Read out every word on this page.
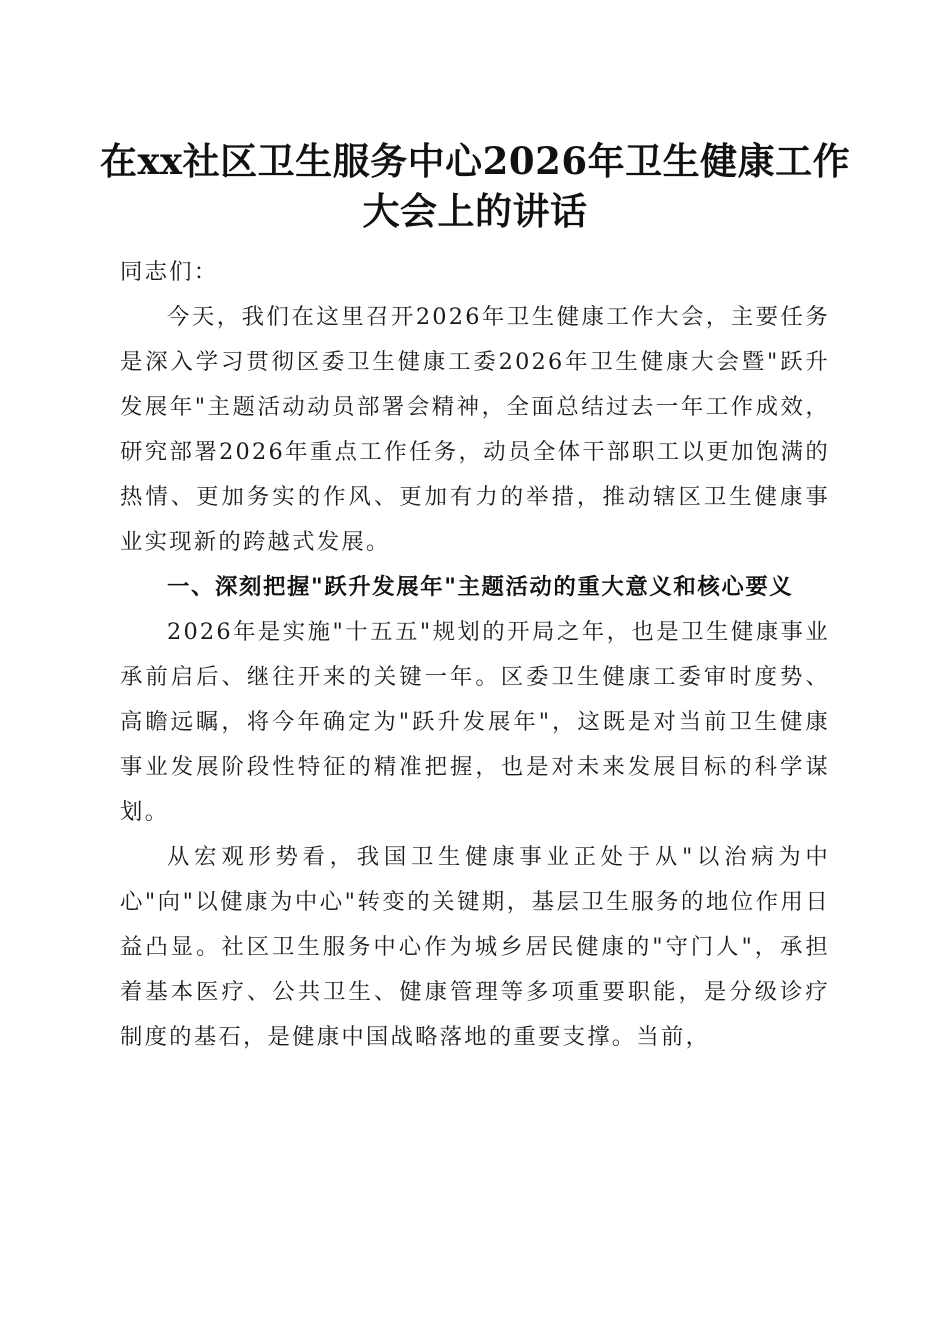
在xx社区卫生服务中心2026年卫生健康工作
大会上的讲话

同志们：

今天，我们在这里召开2026年卫生健康工作大会，主要任务是深入学习贯彻区委卫生健康工委2026年卫生健康大会暨"跃升发展年"主题活动动员部署会精神，全面总结过去一年工作成效，研究部署2026年重点工作任务，动员全体干部职工以更加饱满的热情、更加务实的作风、更加有力的举措，推动辖区卫生健康事业实现新的跨越式发展。

一、深刻把握"跃升发展年"主题活动的重大意义和核心要义

2026年是实施"十五五"规划的开局之年，也是卫生健康事业承前启后、继往开来的关键一年。区委卫生健康工委审时度势、高瞻远瞩，将今年确定为"跃升发展年"，这既是对当前卫生健康事业发展阶段性特征的精准把握，也是对未来发展目标的科学谋划。

从宏观形势看，我国卫生健康事业正处于从"以治病为中心"向"以健康为中心"转变的关键期，基层卫生服务的地位作用日益凸显。社区卫生服务中心作为城乡居民健康的"守门人"，承担着基本医疗、公共卫生、健康管理等多项重要职能，是分级诊疗制度的基石，是健康中国战略落地的重要支撑。当前，
